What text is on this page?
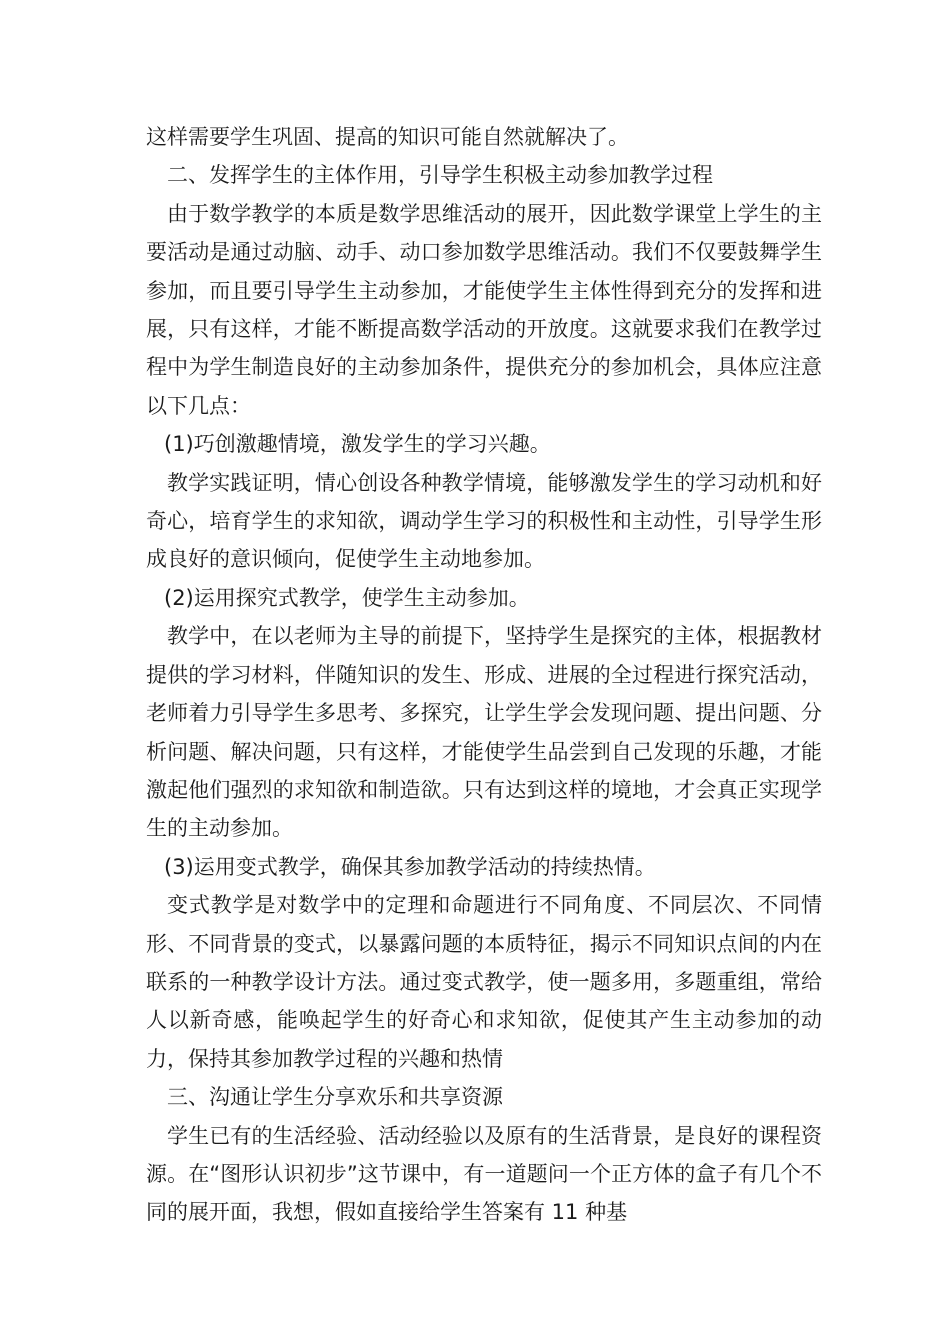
这样需要学生巩固、提高的知识可能自然就解决了。

二、发挥学生的主体作用，引导学生积极主动参加教学过程

由于数学教学的本质是数学思维活动的展开，因此数学课堂上学生的主要活动是通过动脑、动手、动口参加数学思维活动。我们不仅要鼓舞学生参加，而且要引导学生主动参加，才能使学生主体性得到充分的发挥和进展，只有这样，才能不断提高数学活动的开放度。这就要求我们在教学过程中为学生制造良好的主动参加条件，提供充分的参加机会，具体应注意以下几点：

(1)巧创激趣情境，激发学生的学习兴趣。

教学实践证明，情心创设各种教学情境，能够激发学生的学习动机和好奇心，培育学生的求知欲，调动学生学习的积极性和主动性，引导学生形成良好的意识倾向，促使学生主动地参加。

(2)运用探究式教学，使学生主动参加。

教学中，在以老师为主导的前提下，坚持学生是探究的主体，根据教材提供的学习材料，伴随知识的发生、形成、进展的全过程进行探究活动，老师着力引导学生多思考、多探究，让学生学会发现问题、提出问题、分析问题、解决问题，只有这样，才能使学生品尝到自己发现的乐趣，才能激起他们强烈的求知欲和制造欲。只有达到这样的境地，才会真正实现学生的主动参加。

(3)运用变式教学，确保其参加教学活动的持续热情。

变式教学是对数学中的定理和命题进行不同角度、不同层次、不同情形、不同背景的变式，以暴露问题的本质特征，揭示不同知识点间的内在联系的一种教学设计方法。通过变式教学，使一题多用，多题重组，常给人以新奇感，能唤起学生的好奇心和求知欲，促使其产生主动参加的动力，保持其参加教学过程的兴趣和热情

三、沟通让学生分享欢乐和共享资源

学生已有的生活经验、活动经验以及原有的生活背景，是良好的课程资源。在“图形认识初步”这节课中，有一道题问一个正方体的盒子有几个不同的展开面，我想，假如直接给学生答案有 11 种基
